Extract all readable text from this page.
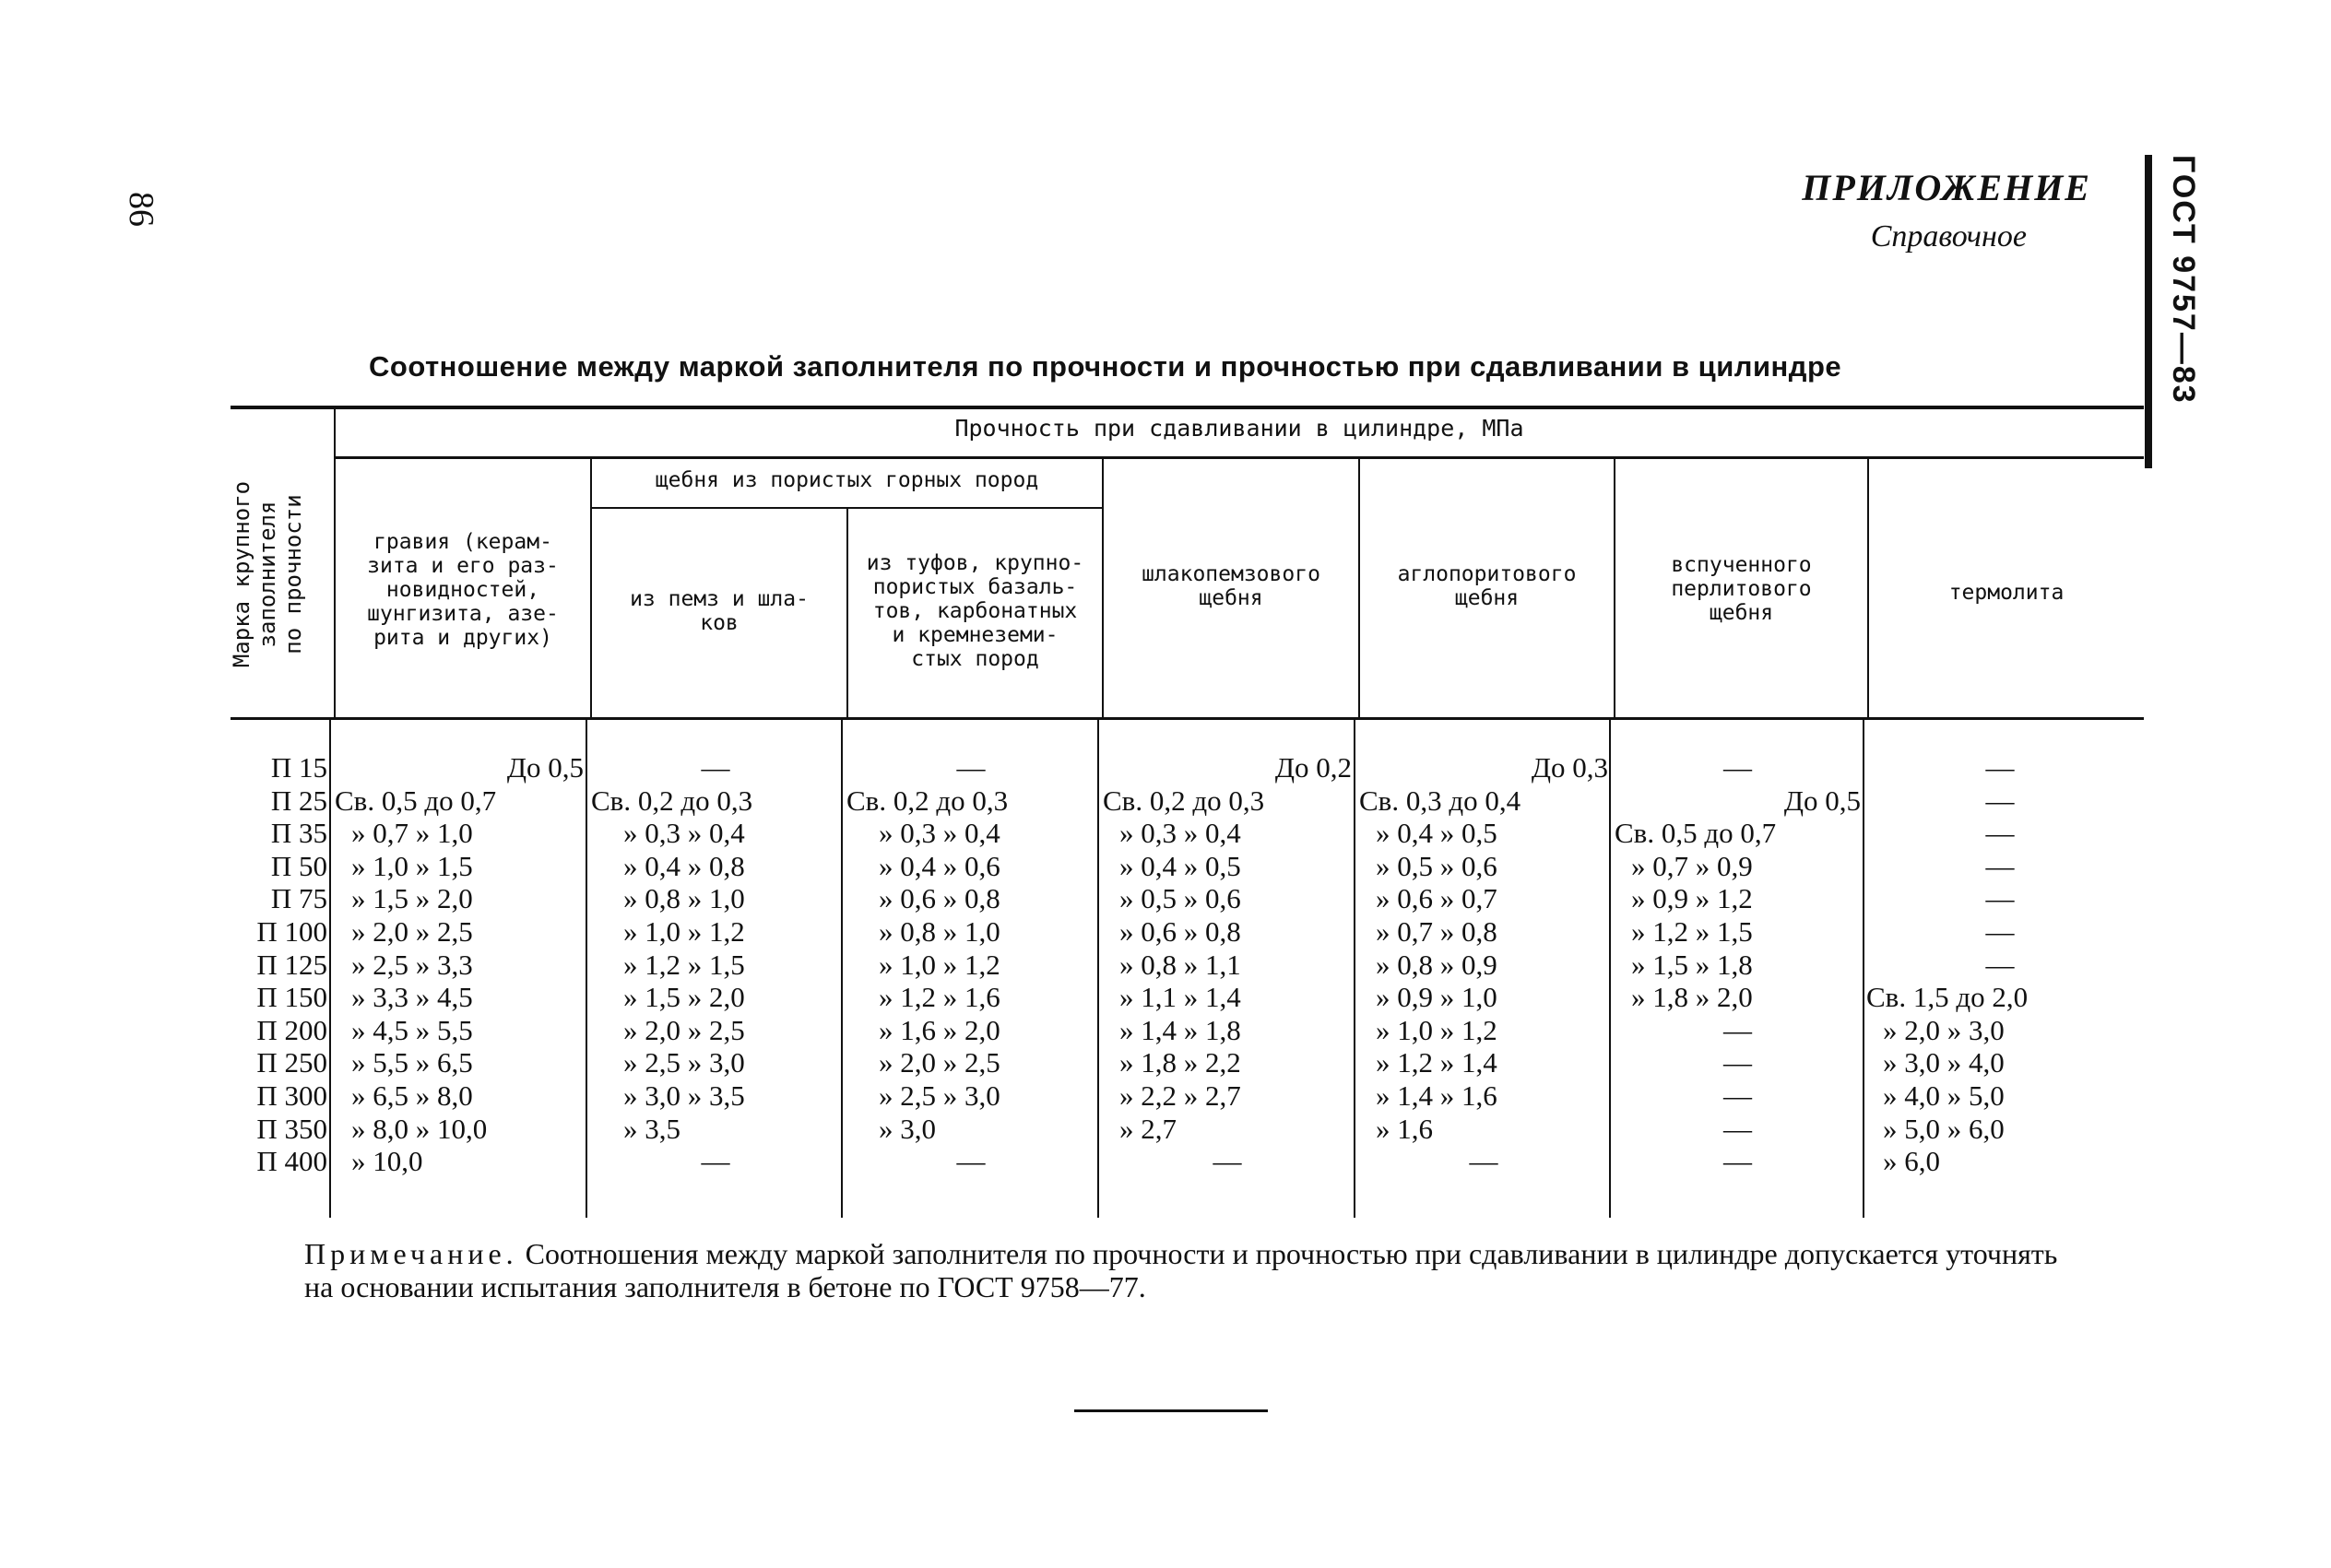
86
ПРИЛОЖЕНИЕ
Справочное	ГОСТ 9757—83
Соотношение между маркой заполнителя по прочности и прочностью при сдавливании в цилиндре
Марка крупного заполнителя по прочности
Прочность при сдавливании в цилиндре, МПа
щебня из пористых горных пород
гравия (керам-
зита и его раз-
новидностей,
шунгизита, азе-
рита и других)
из пемз и шла-
ков
из туфов, крупно-
пористых базаль-
тов, карбонатных
и кремнеземи-
стых пород
шлакопемзового
щебня
аглопоритового
щебня
вспученного
перлитового
щебня
термолита
П 15
П 25
П 35
П 50
П 75
П 100
П 125
П 150
П 200
П 250
П 300
П 350
П 400
До 0,5
Св. 0,5 до 0,7
» 0,7 » 1,0
» 1,0 » 1,5
» 1,5 » 2,0
» 2,0 » 2,5
» 2,5 » 3,3
» 3,3 » 4,5
» 4,5 » 5,5
» 5,5 » 6,5
» 6,5 » 8,0
» 8,0 » 10,0
» 10,0
—
Св. 0,2 до 0,3
» 0,3 » 0,4
» 0,4 » 0,8
» 0,8 » 1,0
» 1,0 » 1,2
» 1,2 » 1,5
» 1,5 » 2,0
» 2,0 » 2,5
» 2,5 » 3,0
» 3,0 » 3,5
» 3,5
—
—
Св. 0,2 до 0,3
» 0,3 » 0,4
» 0,4 » 0,6
» 0,6 » 0,8
» 0,8 » 1,0
» 1,0 » 1,2
» 1,2 » 1,6
» 1,6 » 2,0
» 2,0 » 2,5
» 2,5 » 3,0
» 3,0
—
До 0,2
Св. 0,2 до 0,3
» 0,3 » 0,4
» 0,4 » 0,5
» 0,5 » 0,6
» 0,6 » 0,8
» 0,8 » 1,1
» 1,1 » 1,4
» 1,4 » 1,8
» 1,8 » 2,2
» 2,2 » 2,7
» 2,7
—
До 0,3
Св. 0,3 до 0,4
» 0,4 » 0,5
» 0,5 » 0,6
» 0,6 » 0,7
» 0,7 » 0,8
» 0,8 » 0,9
» 0,9 » 1,0
» 1,0 » 1,2
» 1,2 » 1,4
» 1,4 » 1,6
» 1,6
—
—
До 0,5
Св. 0,5 до 0,7
» 0,7 » 0,9
» 0,9 » 1,2
» 1,2 » 1,5
» 1,5 » 1,8
» 1,8 » 2,0
—
—
—
—
—
—
—
—
—
—
—
—
Св. 1,5 до 2,0
» 2,0 » 3,0
» 3,0 » 4,0
» 4,0 » 5,0
» 5,0 » 6,0
» 6,0
Примечание. Соотношения между маркой заполнителя по прочности и прочностью при сдавливании в цилиндре допускается уточнять на основании испытания заполнителя в бетоне по ГОСТ 9758—77.
